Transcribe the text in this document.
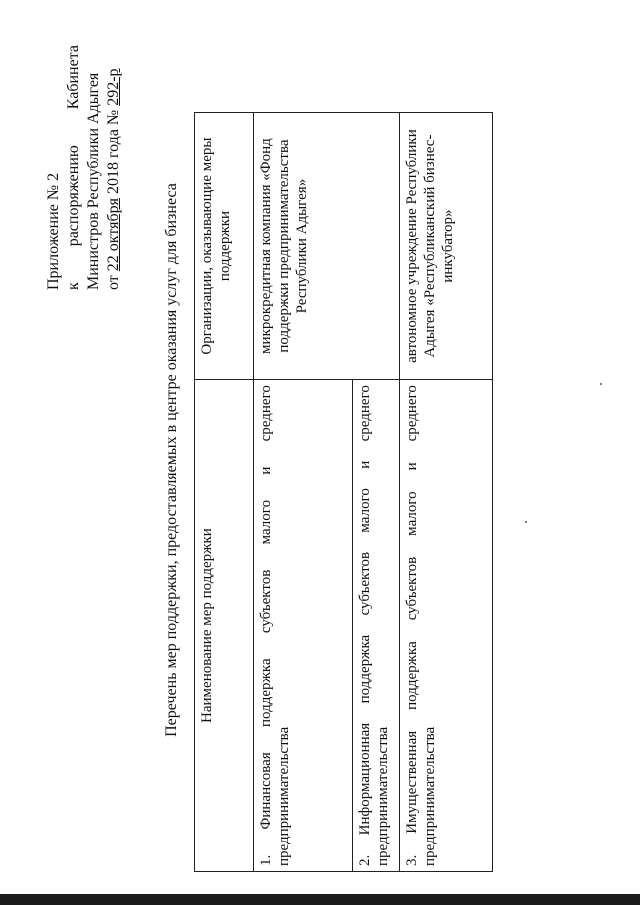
Приложение № 2 к
распоряжению
Кабинета Министров Республики Адыгея от 22 октября 2018 года № 292-р
Перечень мер поддержки, предоставляемых в центре оказания услуг для бизнеса Наименование мер поддержки	Организации, оказывающие меры поддержки
1. Финансовая поддержка субъектов малого и среднего предпринимательства	микрокредитная компания «Фонд поддержки предпринимательства Республики Адыгея»
2. Информационная поддержка субъектов малого и среднего предпринимательства	
3. Имущественная поддержка субъектов малого и среднего предпринимательства	автономное учреждение Республики Адыгея «Республиканский бизнес-инкубатор»
